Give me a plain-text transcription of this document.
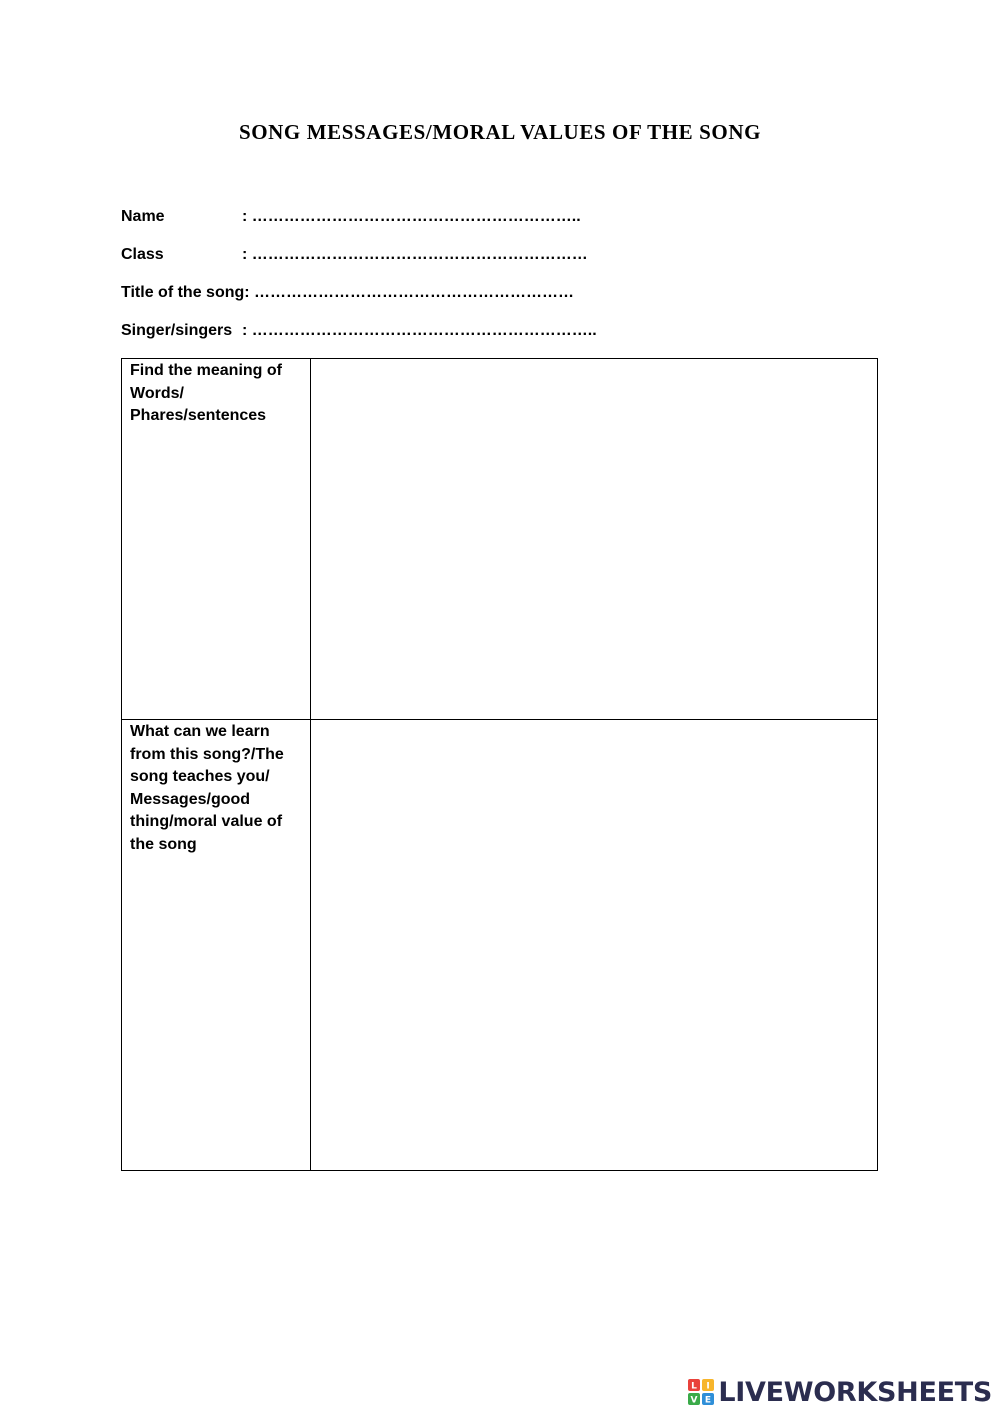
SONG MESSAGES/MORAL VALUES OF THE SONG
Name	: ……………………………………………………..
Class	: ………………………………………………………
Title of the song: ……………………………………………………
Singer/singers : ………………………………………………………..
Find the meaning of Words/ Phares/sentences	

What can we learn from this song?/The song teaches you/ Messages/good thing/moral value of the song	

L I
V E LIVEWORKSHEETS
